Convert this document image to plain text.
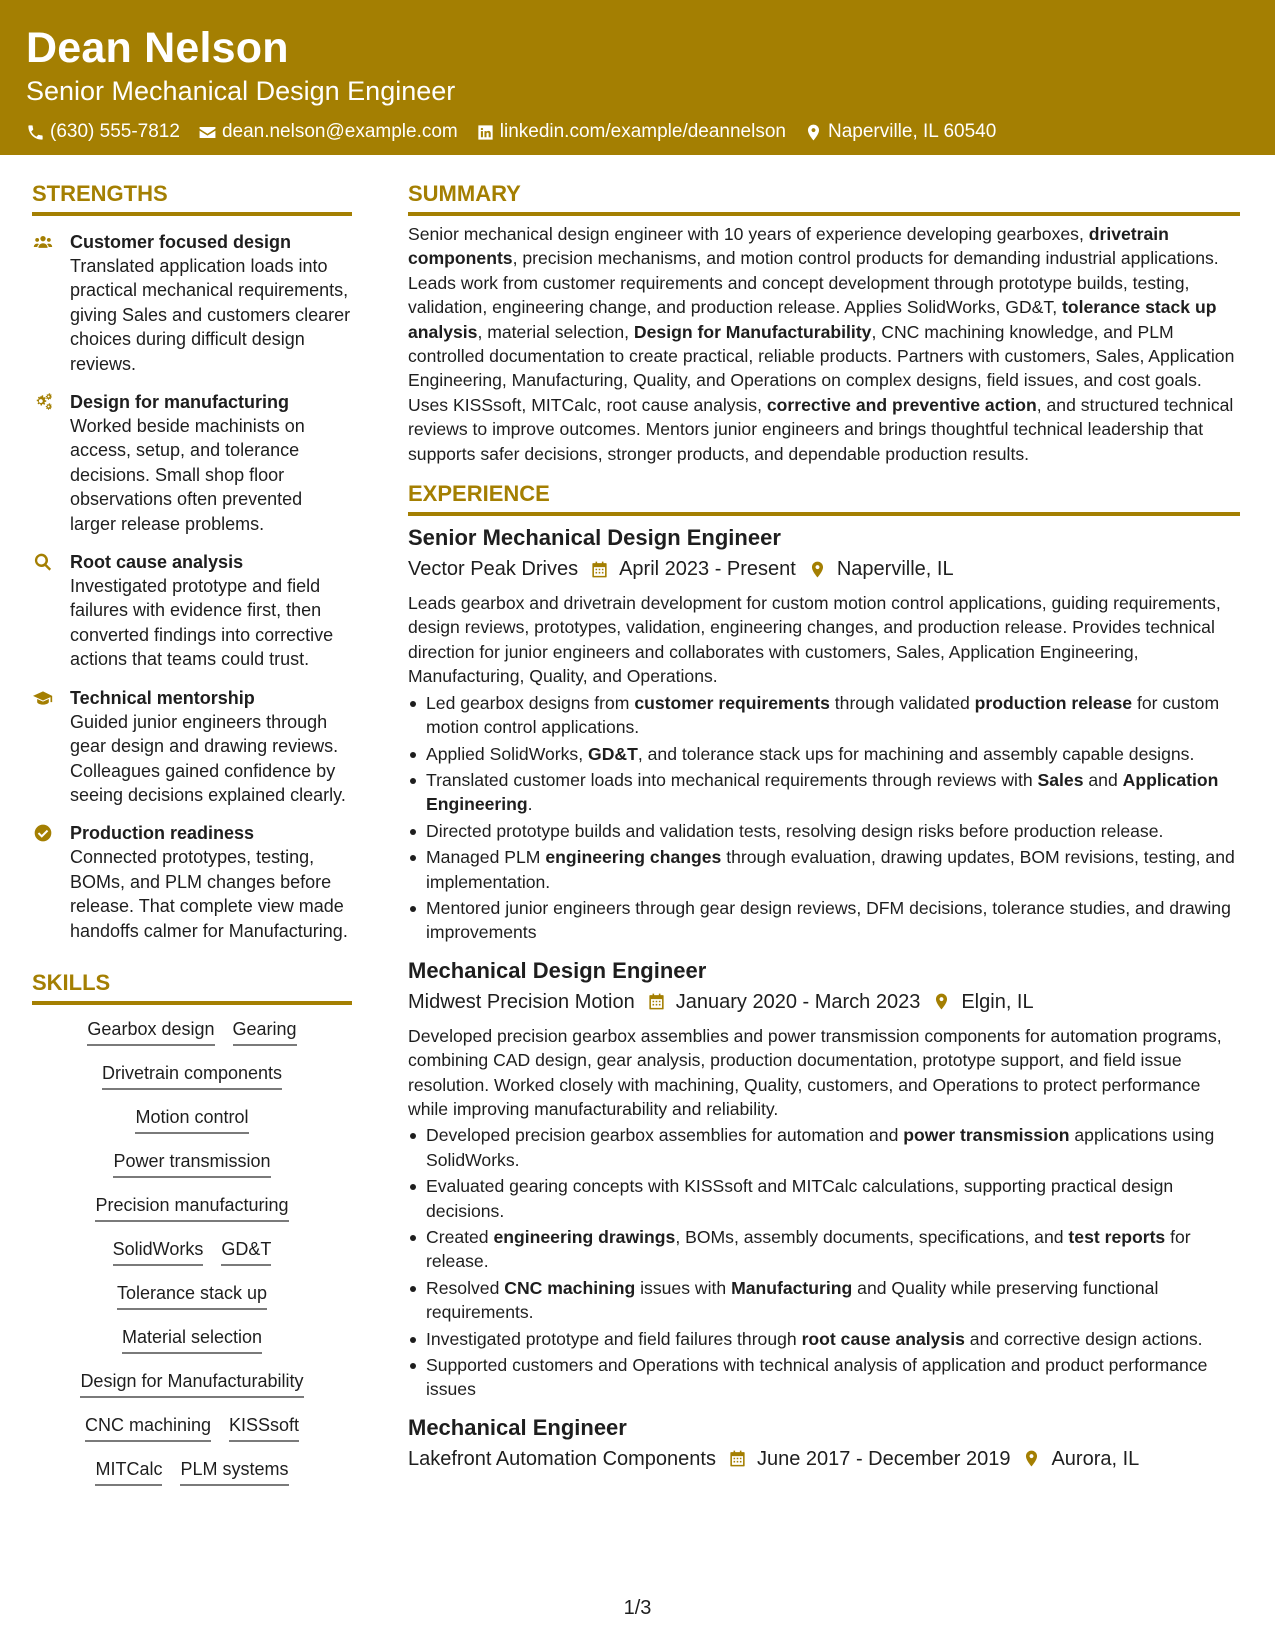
Dean Nelson
Senior Mechanical Design Engineer
(630) 555-7812 dean.nelson@example.com linkedin.com/example/deannelson Naperville, IL 60540
STRENGTHS
Customer focused design
Translated application loads into practical mechanical requirements, giving Sales and customers clearer choices during difficult design reviews.
Design for manufacturing
Worked beside machinists on access, setup, and tolerance decisions. Small shop floor observations often prevented larger release problems.
Root cause analysis
Investigated prototype and field failures with evidence first, then converted findings into corrective actions that teams could trust.
Technical mentorship
Guided junior engineers through gear design and drawing reviews. Colleagues gained confidence by seeing decisions explained clearly.
Production readiness
Connected prototypes, testing, BOMs, and PLM changes before release. That complete view made handoffs calmer for Manufacturing.
SKILLS
Gearbox design Gearing
Drivetrain components
Motion control
Power transmission
Precision manufacturing
SolidWorks GD&T
Tolerance stack up
Material selection
Design for Manufacturability
CNC machining KISSsoft
MITCalc PLM systems
SUMMARY
Senior mechanical design engineer with 10 years of experience developing gearboxes, drivetrain components, precision mechanisms, and motion control products for demanding industrial applications. Leads work from customer requirements and concept development through prototype builds, testing, validation, engineering change, and production release. Applies SolidWorks, GD&T, tolerance stack up analysis, material selection, Design for Manufacturability, CNC machining knowledge, and PLM controlled documentation to create practical, reliable products. Partners with customers, Sales, Application Engineering, Manufacturing, Quality, and Operations on complex designs, field issues, and cost goals. Uses KISSsoft, MITCalc, root cause analysis, corrective and preventive action, and structured technical reviews to improve outcomes. Mentors junior engineers and brings thoughtful technical leadership that supports safer decisions, stronger products, and dependable production results.
EXPERIENCE
Senior Mechanical Design Engineer
Vector Peak Drives April 2023 - Present Naperville, IL
Leads gearbox and drivetrain development for custom motion control applications, guiding requirements, design reviews, prototypes, validation, engineering changes, and production release. Provides technical direction for junior engineers and collaborates with customers, Sales, Application Engineering, Manufacturing, Quality, and Operations.
Led gearbox designs from customer requirements through validated production release for custom motion control applications.
Applied SolidWorks, GD&T, and tolerance stack ups for machining and assembly capable designs.
Translated customer loads into mechanical requirements through reviews with Sales and Application Engineering.
Directed prototype builds and validation tests, resolving design risks before production release.
Managed PLM engineering changes through evaluation, drawing updates, BOM revisions, testing, and implementation.
Mentored junior engineers through gear design reviews, DFM decisions, tolerance studies, and drawing improvements
Mechanical Design Engineer
Midwest Precision Motion January 2020 - March 2023 Elgin, IL
Developed precision gearbox assemblies and power transmission components for automation programs, combining CAD design, gear analysis, production documentation, prototype support, and field issue resolution. Worked closely with machining, Quality, customers, and Operations to protect performance while improving manufacturability and reliability.
Developed precision gearbox assemblies for automation and power transmission applications using SolidWorks.
Evaluated gearing concepts with KISSsoft and MITCalc calculations, supporting practical design decisions.
Created engineering drawings, BOMs, assembly documents, specifications, and test reports for release.
Resolved CNC machining issues with Manufacturing and Quality while preserving functional requirements.
Investigated prototype and field failures through root cause analysis and corrective design actions.
Supported customers and Operations with technical analysis of application and product performance issues
Mechanical Engineer
Lakefront Automation Components June 2017 - December 2019 Aurora, IL
1/3
